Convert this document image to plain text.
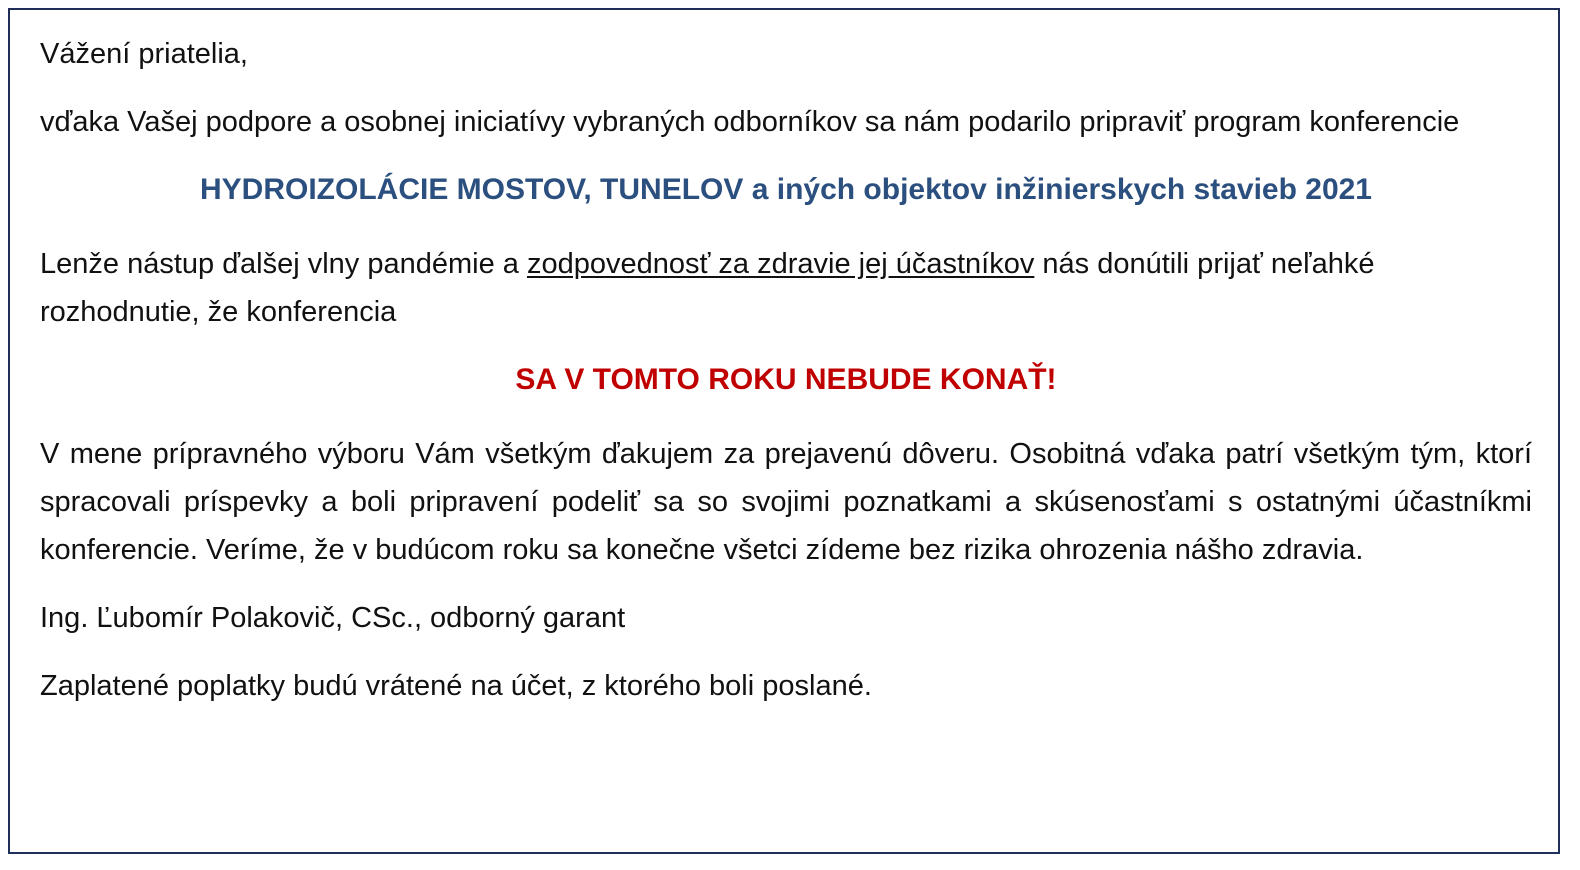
Vážení priatelia,

vďaka Vašej podpore a osobnej iniciatívy vybraných odborníkov sa nám podarilo pripraviť program konferencie

HYDROIZOLÁCIE MOSTOV, TUNELOV a iných objektov inžinierskych stavieb 2021

Lenže nástup ďalšej vlny pandémie a zodpovednosť za zdravie jej účastníkov nás donútili prijať neľahké rozhodnutie, že konferencia

SA V TOMTO ROKU NEBUDE KONAŤ!

V mene prípravného výboru Vám všetkým ďakujem za prejavenú dôveru. Osobitná vďaka patrí všetkým tým, ktorí spracovali príspevky a boli pripravení podeliť sa so svojimi poznatkami a skúsenosťami s ostatnými účastníkmi konferencie. Veríme, že v budúcom roku sa konečne všetci zídeme bez rizika ohrozenia nášho zdravia.

Ing. Ľubomír Polakovič, CSc., odborný garant

Zaplatené poplatky budú vrátené na účet, z ktorého boli poslané.
